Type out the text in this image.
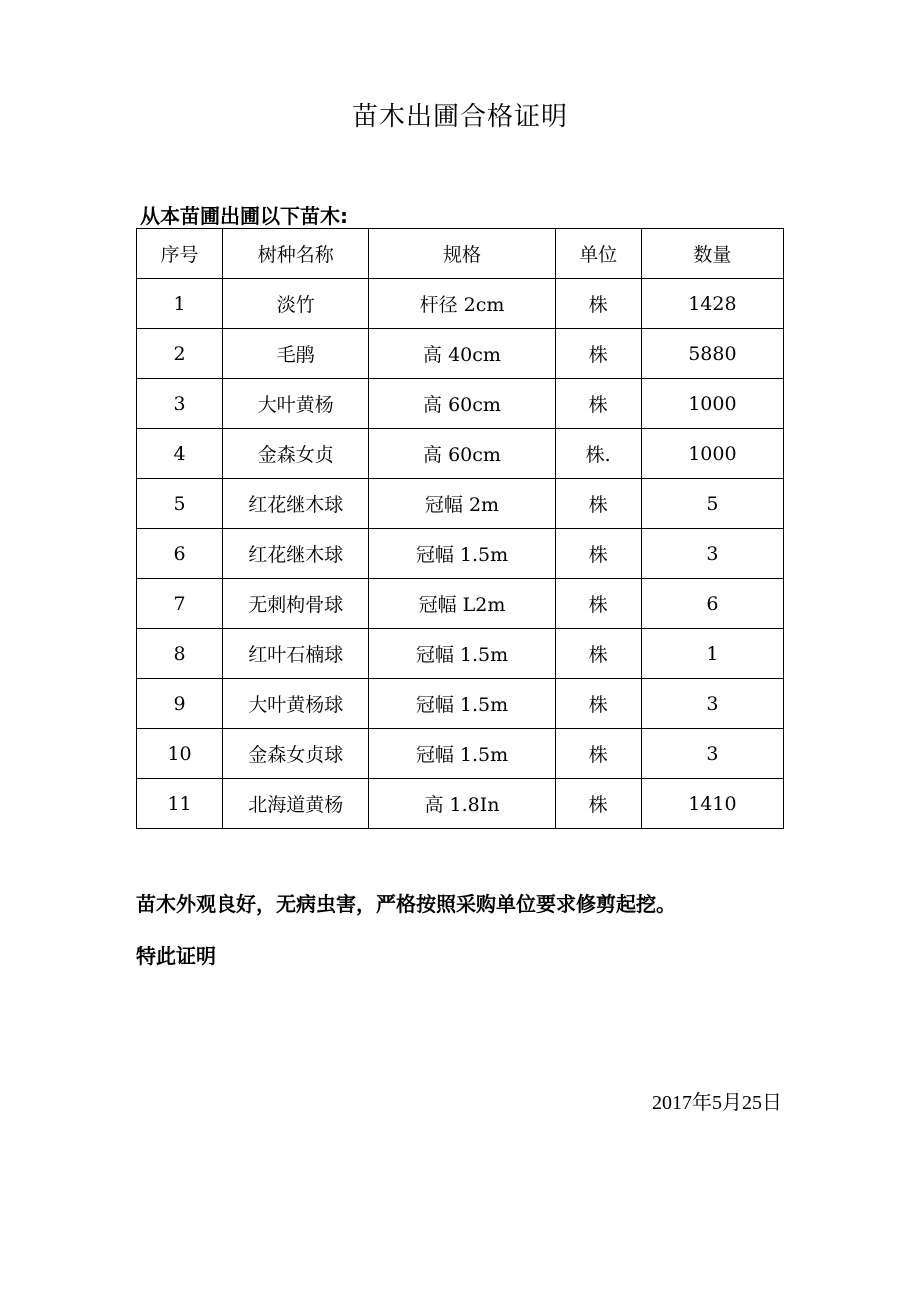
苗木出圃合格证明
从本苗圃出圃以下苗木:
序号	树种名称	规格	单位	数量
1	淡竹	杆径 2cm	株	1428
2	毛鹃	高 40cm	株	5880
3	大叶黄杨	高 60cm	株	1000
4	金森女贞	高 60cm	株.	1000
5	红花继木球	冠幅 2m	株	5
6	红花继木球	冠幅 1.5m	株	3
7	无刺枸骨球	冠幅 L2m	株	6
8	红叶石楠球	冠幅 1.5m	株	1
9	大叶黄杨球	冠幅 1.5m	株	3
10	金森女贞球	冠幅 1.5m	株	3
11	北海道黄杨	高 1.8In	株	1410
苗木外观良好，无病虫害，严格按照采购单位要求修剪起挖。
特此证明
2017年5月25日
